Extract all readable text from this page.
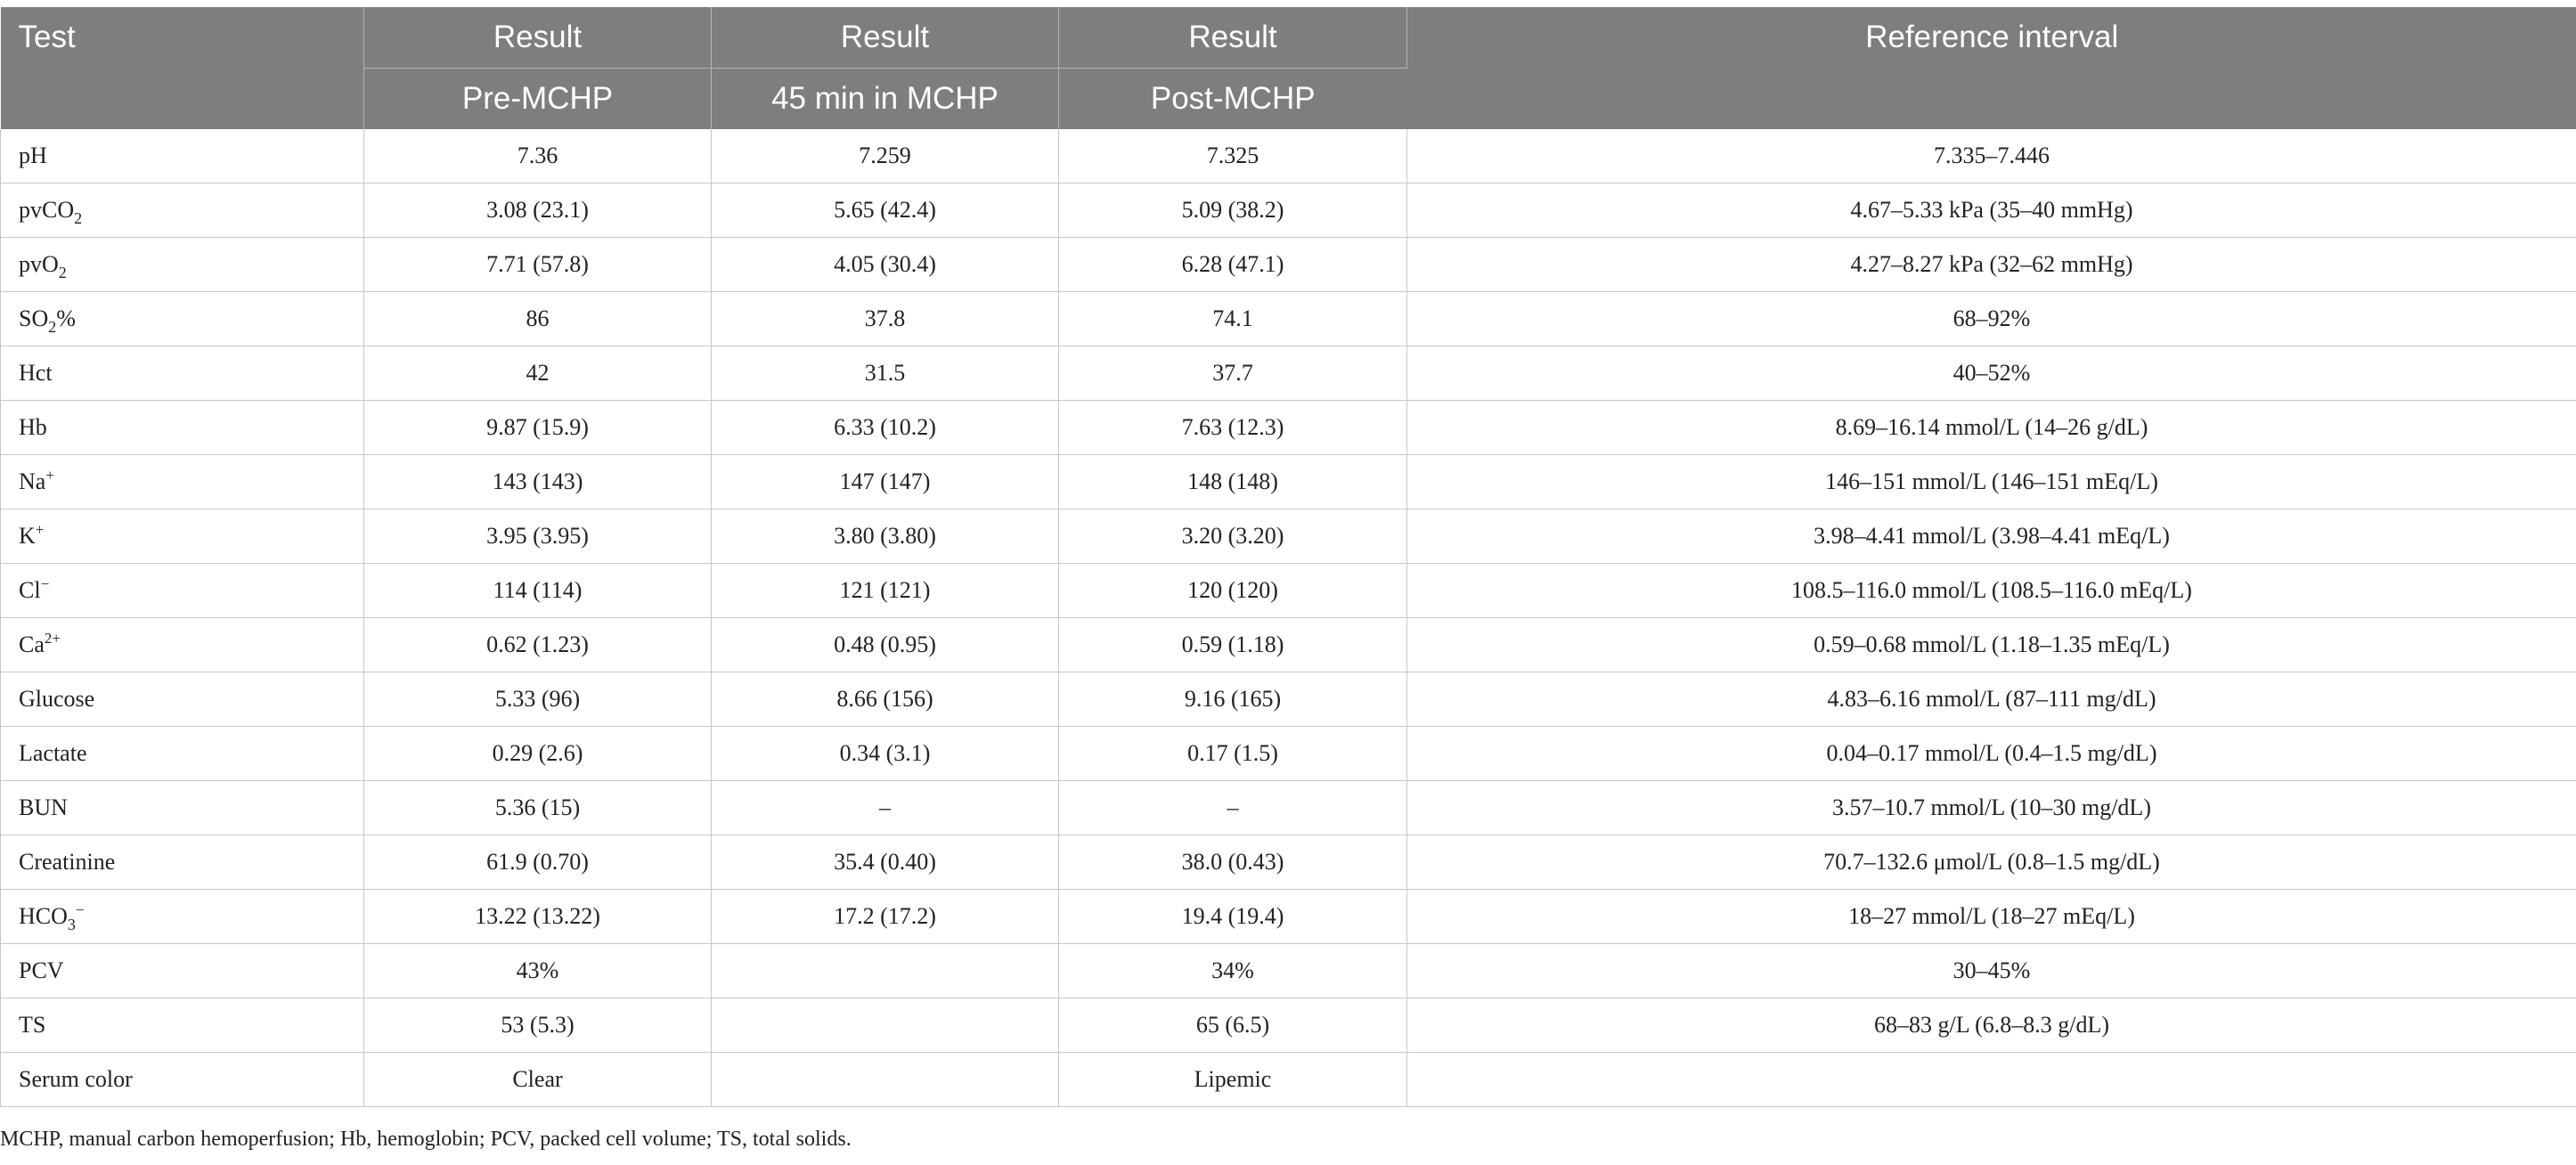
Test	Result	Result	Result	Reference interval
	Pre-MCHP	45 min in MCHP	Post-MCHP	
pH	7.36	7.259	7.325	7.335–7.446
pvCO$_2$	3.08 (23.1)	5.65 (42.4)	5.09 (38.2)	4.67–5.33 kPa (35–40 mmHg)
pvO$_2$	7.71 (57.8)	4.05 (30.4)	6.28 (47.1)	4.27–8.27 kPa (32–62 mmHg)
$SO_2\%$	86	37.8	74.1	68–92%
Hct	42	31.5	37.7	40–52%
Hb	9.87 (15.9)	6.33 (10.2)	7.63 (12.3)	8.69–16.14 mmol/L (14–26 g/dL)
Na+	143 (143)	147 (147)	148 (148)	146–151 mmol/L (146–151 mEq/L)
K+	3.95 (3.95)	3.80 (3.80)	3.20 (3.20)	3.98–4.41 mmol/L (3.98–4.41 mEq/L)
Cl−	114 (114)	121 (121)	120 (120)	108.5–116.0 mmol/L (108.5–116.0 mEq/L)
$Ca^{2+}$	0.62 (1.23)	0.48 (0.95)	0.59 (1.18)	0.59–0.68 mmol/L (1.18–1.35 mEq/L)
Glucose	5.33 (96)	8.66 (156)	9.16 (165)	4.83–6.16 mmol/L (87–111 mg/dL)
Lactate	0.29 (2.6)	0.34 (3.1)	0.17 (1.5)	0.04–0.17 mmol/L (0.4–1.5 mg/dL)
BUN	5.36 (15)	–	–	3.57–10.7 mmol/L (10–30 mg/dL)
Creatinine	61.9 (0.70)	35.4 (0.40)	38.0 (0.43)	70.7–132.6 μmol/L (0.8–1.5 mg/dL)
$HCO_3^-$	13.22 (13.22)	17.2 (17.2)	19.4 (19.4)	18–27 mmol/L (18–27 mEq/L)
PCV	43%		34%	30–45%
TS	53 (5.3)		65 (6.5)	68–83 g/L (6.8–8.3 g/dL)
Serum color	Clear		Lipemic	
MCHP, manual carbon hemoperfusion; Hb, hemoglobin; PCV, packed cell volume; TS, total solids.
